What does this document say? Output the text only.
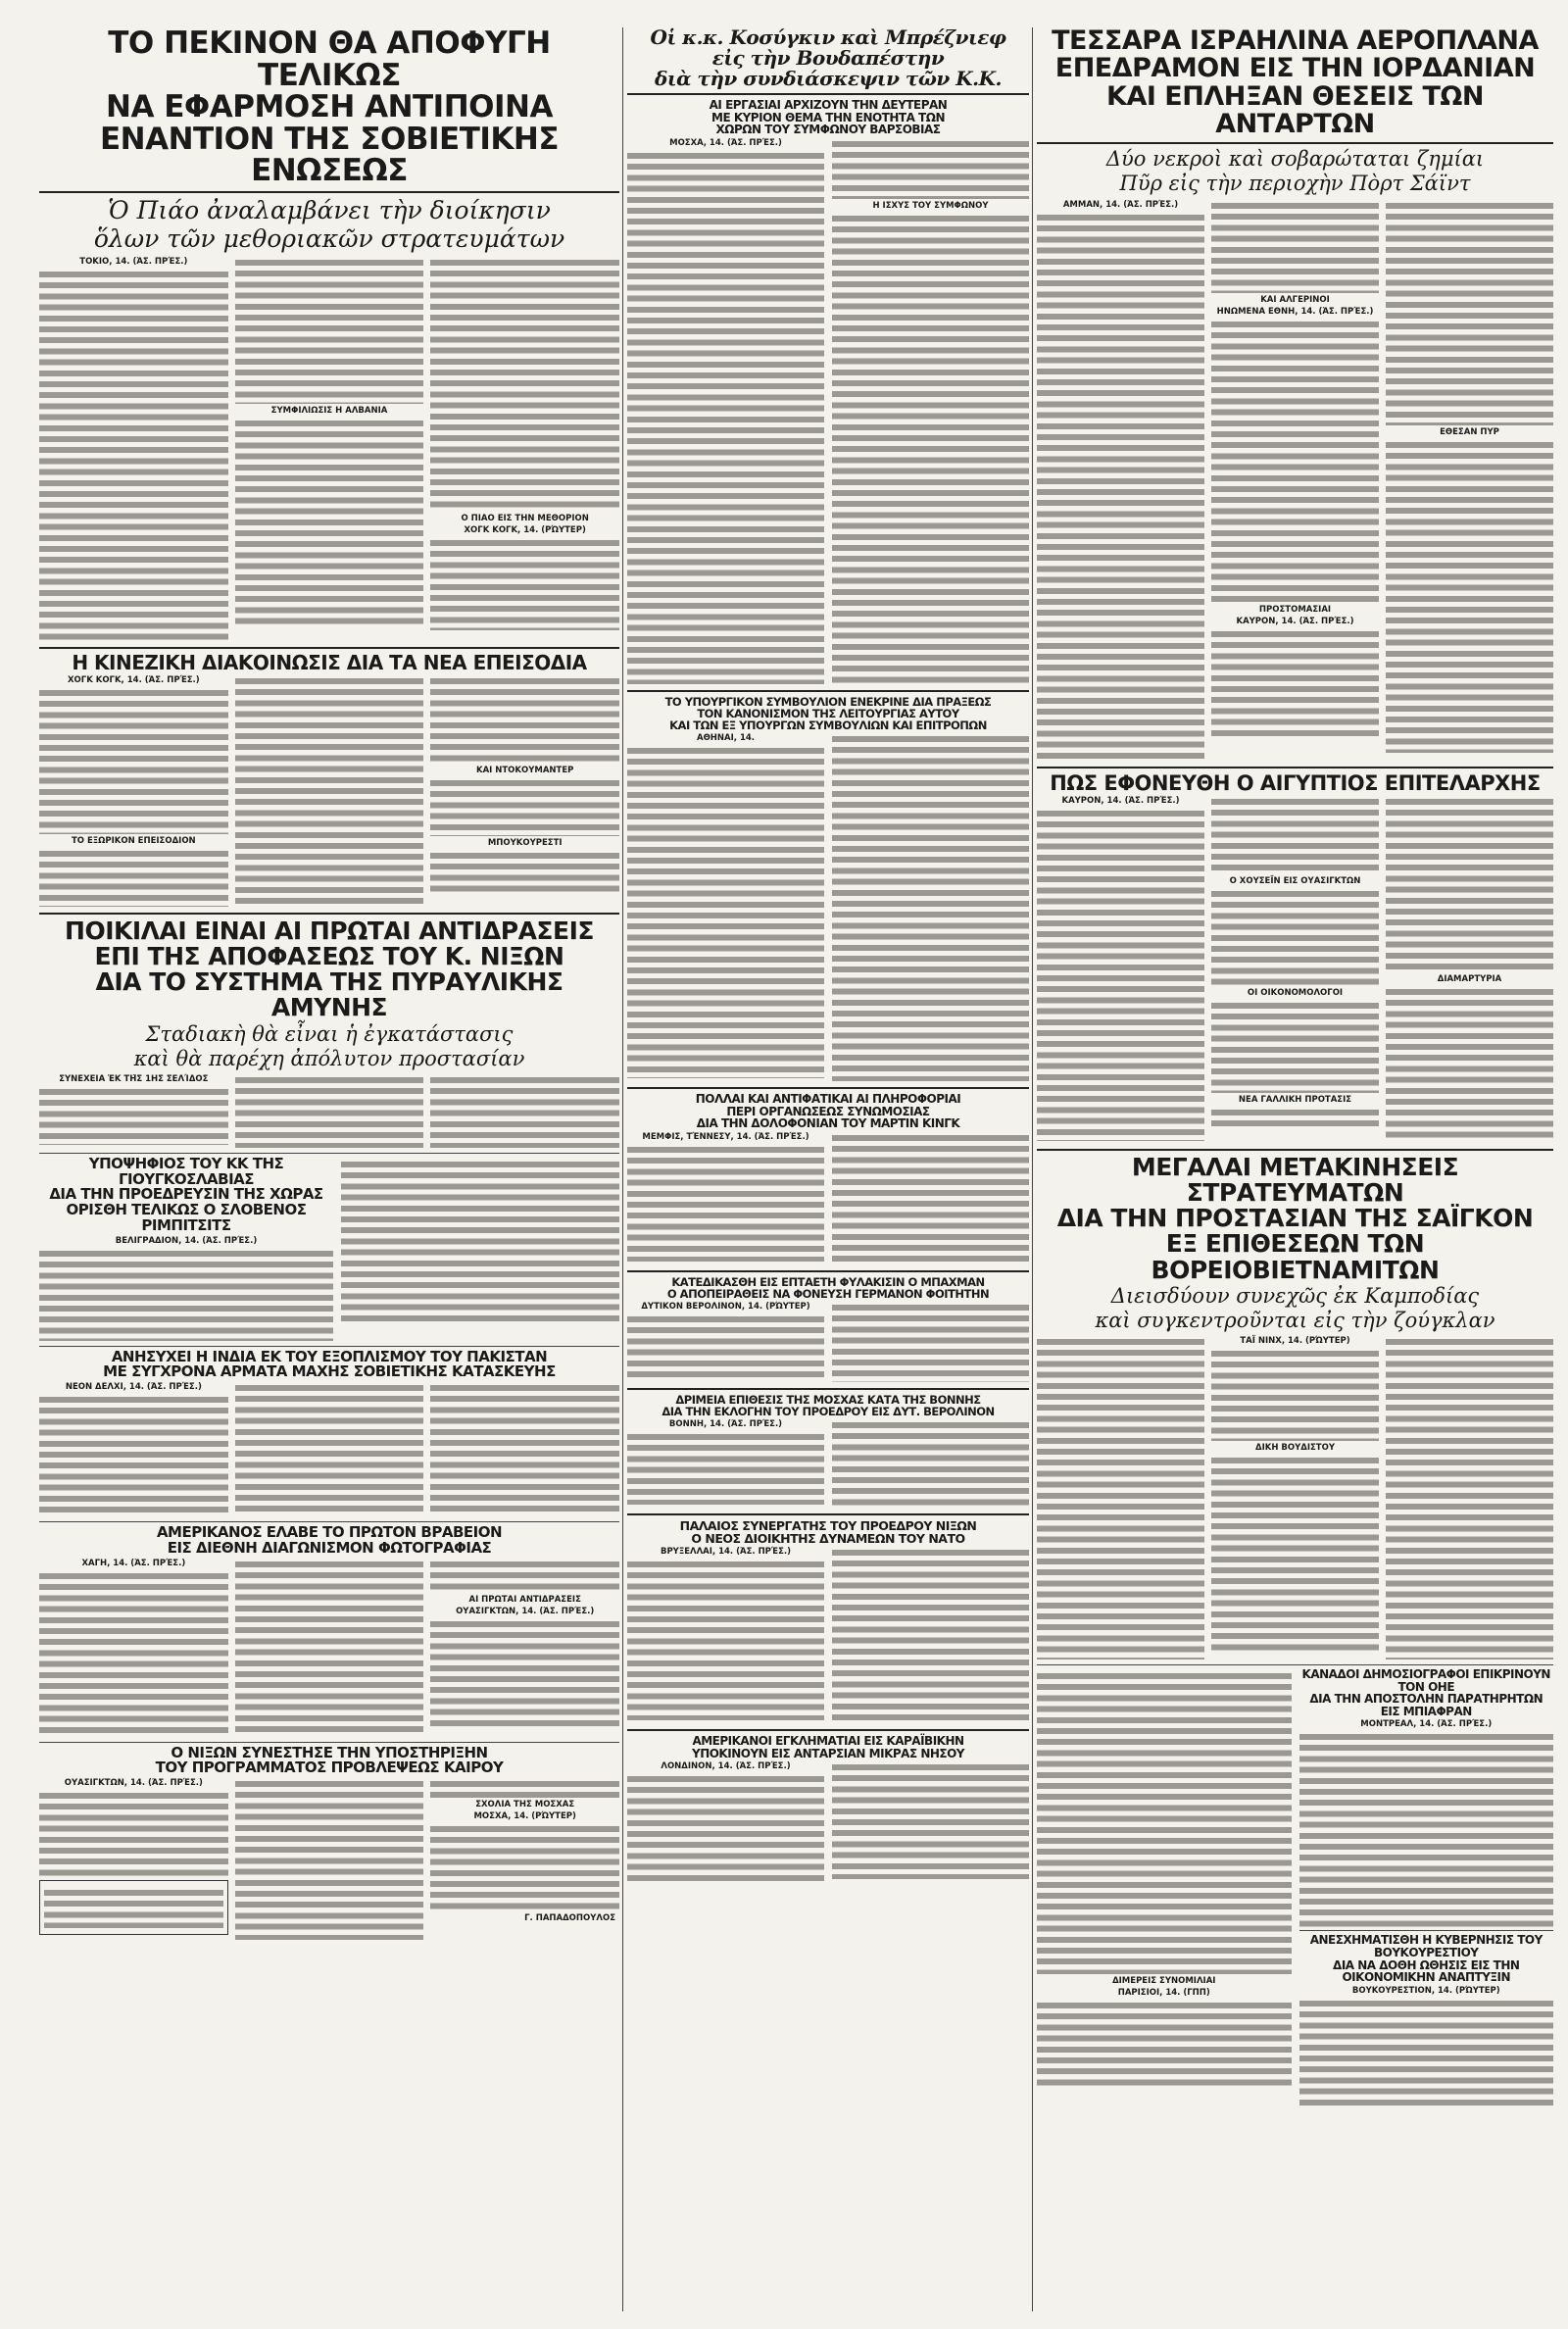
ΤΟ ΠΕΚΙΝΟΝ ΘΑ ΑΠΟΦΥΓΗ ΤΕΛΙΚΩΣ

ΝΑ ΕΦΑΡΜΟΣΗ ΑΝΤΙΠΟΙΝΑ

ΕΝΑΝΤΙΟΝ ΤΗΣ ΣΟΒΙΕΤΙΚΗΣ ΕΝΩΣΕΩΣ

Ὁ Πιάο ἀναλαμβάνει τὴν διοίκησιν

ὅλων τῶν μεθοριακῶν στρατευμάτων

ΤΟΚΙΟ, 14. (ἈΣ. ΠΡΈΣ.)

ΣΥΜΦΙΛΙΩΣΙΣ Η ΑΛΒΑΝΙΑ

Ο ΠΙΑΟ ΕΙΣ ΤΗΝ ΜΕΘΟΡΙΟΝ

ΧΟΓΚ ΚΟΓΚ, 14. (ΡΏΥΤΕΡ)

Η ΚΙΝΕΖΙΚΗ ΔΙΑΚΟΙΝΩΣΙΣ ΔΙΑ ΤΑ ΝΕΑ ΕΠΕΙΣΟΔΙΑ

ΧΟΓΚ ΚΟΓΚ, 14. (ἈΣ. ΠΡΈΣ.)

ΤΟ ΕΞΩΡΙΚΟΝ ΕΠΕΙΣΟΔΙΟΝ

ΚΑΙ ΝΤΟΚΟΥΜΑΝΤΕΡ

ΜΠΟΥΚΟΥΡΕΣΤΙ

ΠΟΙΚΙΛΑΙ ΕΙΝΑΙ ΑΙ ΠΡΩΤΑΙ ΑΝΤΙΔΡΑΣΕΙΣ

ΕΠΙ ΤΗΣ ΑΠΟΦΑΣΕΩΣ ΤΟΥ Κ. ΝΙΞΩΝ

ΔΙΑ ΤΟ ΣΥΣΤΗΜΑ ΤΗΣ ΠΥΡΑΥΛΙΚΗΣ ΑΜΥΝΗΣ

Σταδιακὴ θὰ εἶναι ἡ ἐγκατάστασις

καὶ θὰ παρέχη ἀπόλυτον προστασίαν

ΣΥΝΕΧΕΙΑ ἘΚ ΤΗ͂Σ 1ΗΣ ΣΕΛΊΔΟΣ

ΥΠΟΨΗΦΙΟΣ ΤΟΥ ΚΚ ΤΗΣ ΓΙΟΥΓΚΟΣΛΑΒΙΑΣ

ΔΙΑ ΤΗΝ ΠΡΟΕΔΡΕΥΣΙΝ ΤΗΣ ΧΩΡΑΣ

ΟΡΙΣΘΗ ΤΕΛΙΚΩΣ Ο ΣΛΟΒΕΝΟΣ ΡΙΜΠΙΤΣΙΤΣ

ΒΕΛΙΓΡΑΔΙΟΝ, 14. (ἈΣ. ΠΡΈΣ.)

ΑΝΗΣΥΧΕΙ Η ΙΝΔΙΑ ΕΚ ΤΟΥ ΕΞΟΠΛΙΣΜΟΥ ΤΟΥ ΠΑΚΙΣΤΑΝ

ΜΕ ΣΥΓΧΡΟΝΑ ΑΡΜΑΤΑ ΜΑΧΗΣ ΣΟΒΙΕΤΙΚΗΣ ΚΑΤΑΣΚΕΥΗΣ

ΝΕΟΝ ΔΕΛΧΙ, 14. (ἈΣ. ΠΡΈΣ.)

ΑΜΕΡΙΚΑΝΟΣ ΕΛΑΒΕ ΤΟ ΠΡΩΤΟΝ ΒΡΑΒΕΙΟΝ

ΕΙΣ ΔΙΕΘΝΗ ΔΙΑΓΩΝΙΣΜΟΝ ΦΩΤΟΓΡΑΦΙΑΣ

ΧΑΓΗ, 14. (ἈΣ. ΠΡΈΣ.)

ΑΙ ΠΡΩΤΑΙ ΑΝΤΙΔΡΑΣΕΙΣ

ΟΥΑΣΙΓΚΤΩΝ, 14. (ἈΣ. ΠΡΈΣ.)

Ο ΝΙΞΩΝ ΣΥΝΕΣΤΗΣΕ ΤΗΝ ΥΠΟΣΤΗΡΙΞΗΝ

ΤΟΥ ΠΡΟΓΡΑΜΜΑΤΟΣ ΠΡΟΒΛΕΨΕΩΣ ΚΑΙΡΟΥ

ΟΥΑΣΙΓΚΤΩΝ, 14. (ἈΣ. ΠΡΈΣ.)

ΣΧΟΛΙΑ ΤΗΣ ΜΟΣΧΑΣ

ΜΟΣΧΑ, 14. (ΡΏΥΤΕΡ)

Γ. ΠΑΠΑΔΟΠΟΥΛΟΣ

Οἱ κ.κ. Κοσύγκιν καὶ Μπρέζνιεφ

εἰς τὴν Βουδαπέστην

διὰ τὴν συνδιάσκεψιν τῶν Κ.Κ.

ΑΙ ΕΡΓΑΣΙΑΙ ΑΡΧΙΖΟΥΝ ΤΗΝ ΔΕΥΤΕΡΑΝ

ΜΕ ΚΥΡΙΟΝ ΘΕΜΑ ΤΗΝ ΕΝΟΤΗΤΑ ΤΩΝ

ΧΩΡΩΝ ΤΟΥ ΣΥΜΦΩΝΟΥ ΒΑΡΣΟΒΙΑΣ

ΜΟΣΧΑ, 14. (ἈΣ. ΠΡΈΣ.)

Η ΙΣΧΥΣ ΤΟΥ ΣΥΜΦΩΝΟΥ

ΤΟ ΥΠΟΥΡΓΙΚΟΝ ΣΥΜΒΟΥΛΙΟΝ ΕΝΕΚΡΙΝΕ ΔΙΑ ΠΡΑΞΕΩΣ

ΤΟΝ ΚΑΝΟΝΙΣΜΟΝ ΤΗΣ ΛΕΙΤΟΥΡΓΙΑΣ ΑΥΤΟΥ

ΚΑΙ ΤΩΝ ΕΞ ΥΠΟΥΡΓΩΝ ΣΥΜΒΟΥΛΙΩΝ ΚΑΙ ΕΠΙΤΡΟΠΩΝ

ΑΘΗΝΑΙ, 14.

ΠΟΛΛΑΙ ΚΑΙ ΑΝΤΙΦΑΤΙΚΑΙ ΑΙ ΠΛΗΡΟΦΟΡΙΑΙ

ΠΕΡΙ ΟΡΓΑΝΩΣΕΩΣ ΣΥΝΩΜΟΣΙΑΣ

ΔΙΑ ΤΗΝ ΔΟΛΟΦΟΝΙΑΝ ΤΟΥ ΜΑΡΤΙΝ ΚΙΝΓΚ

ΜΕΜΦΙΣ, ΤΈΝΝΕΣΥ, 14. (ἈΣ. ΠΡΈΣ.)

ΚΑΤΕΔΙΚΑΣΘΗ ΕΙΣ ΕΠΤΑΕΤΗ ΦΥΛΑΚΙΣΙΝ Ο ΜΠΑΧΜΑΝ

Ο ΑΠΟΠΕΙΡΑΘΕΙΣ ΝΑ ΦΟΝΕΥΣΗ ΓΕΡΜΑΝΟΝ ΦΟΙΤΗΤΗΝ

ΔΥΤΙΚΟΝ ΒΕΡΟΛΙΝΟΝ, 14. (ΡΏΥΤΕΡ)

ΔΡΙΜΕΙΑ ΕΠΙΘΕΣΙΣ ΤΗΣ ΜΟΣΧΑΣ ΚΑΤΑ ΤΗΣ ΒΟΝΝΗΣ

ΔΙΑ ΤΗΝ ΕΚΛΟΓΗΝ ΤΟΥ ΠΡΟΕΔΡΟΥ ΕΙΣ ΔΥΤ. ΒΕΡΟΛΙΝΟΝ

ΒΟΝΝΗ, 14. (ἈΣ. ΠΡΈΣ.)

ΠΑΛΑΙΟΣ ΣΥΝΕΡΓΑΤΗΣ ΤΟΥ ΠΡΟΕΔΡΟΥ ΝΙΞΩΝ

Ο ΝΕΟΣ ΔΙΟΙΚΗΤΗΣ ΔΥΝΑΜΕΩΝ ΤΟΥ ΝΑΤΟ

ΒΡΥΞΕΛΛΑΙ, 14. (ἈΣ. ΠΡΈΣ.)

ΑΜΕΡΙΚΑΝΟΙ ΕΓΚΛΗΜΑΤΙΑΙ ΕΙΣ ΚΑΡΑΪΒΙΚΗΝ

ΥΠΟΚΙΝΟΥΝ ΕΙΣ ΑΝΤΑΡΣΙΑΝ ΜΙΚΡΑΣ ΝΗΣΟΥ

ΛΟΝΔΙΝΟΝ, 14. (ἈΣ. ΠΡΈΣ.)

ΤΕΣΣΑΡΑ ΙΣΡΑΗΛΙΝΑ ΑΕΡΟΠΛΑΝΑ

ΕΠΕΔΡΑΜΟΝ ΕΙΣ ΤΗΝ ΙΟΡΔΑΝΙΑΝ

ΚΑΙ ΕΠΛΗΞΑΝ ΘΕΣΕΙΣ ΤΩΝ ΑΝΤΑΡΤΩΝ

Δύο νεκροὶ καὶ σοβαρώταται ζημίαι

Πῦρ εἰς τὴν περιοχὴν Πὸρτ Σάϊντ

ΑΜΜΑΝ, 14. (ἈΣ. ΠΡΈΣ.)

ΚΑΙ ΑΛΓΕΡΙΝΟΙ

ΗΝΩΜΕΝΑ ΕΘΝΗ, 14. (ἈΣ. ΠΡΈΣ.)

ΠΡΟΣΤΟΜΑΣΙΑΙ

ΚΑΥΡΟΝ, 14. (ἈΣ. ΠΡΈΣ.)

ΕΘΕΣΑΝ ΠΥΡ

ΠΩΣ ΕΦΟΝΕΥΘΗ Ο ΑΙΓΥΠΤΙΟΣ ΕΠΙΤΕΛΑΡΧΗΣ

ΚΑΥΡΟΝ, 14. (ἈΣ. ΠΡΈΣ.)

Ο ΧΟΥΣΕΪΝ ΕΙΣ ΟΥΑΣΙΓΚΤΩΝ

ΟΙ ΟΙΚΟΝΟΜΟΛΟΓΟΙ

ΝΕΑ ΓΑΛΛΙΚΗ ΠΡΟΤΑΣΙΣ

ΔΙΑΜΑΡΤΥΡΙΑ

ΜΕΓΑΛΑΙ ΜΕΤΑΚΙΝΗΣΕΙΣ ΣΤΡΑΤΕΥΜΑΤΩΝ

ΔΙΑ ΤΗΝ ΠΡΟΣΤΑΣΙΑΝ ΤΗΣ ΣΑΪΓΚΟΝ

ΕΞ ΕΠΙΘΕΣΕΩΝ ΤΩΝ ΒΟΡΕΙΟΒΙΕΤΝΑΜΙΤΩΝ

Διεισδύουν συνεχῶς ἐκ Καμποδίας

καὶ συγκεντροῦνται εἰς τὴν ζούγκλαν

ΤΑΪ ΝΙΝΧ, 14. (ΡΏΥΤΕΡ)

ΔΙΚΗ ΒΟΥΔΙΣΤΟΥ

ΔΙΜΕΡΕΙΣ ΣΥΝΟΜΙΛΙΑΙ

ΠΑΡΙΣΙΟΙ, 14. (ΓΠΠ)

ΚΑΝΑΔΟΙ ΔΗΜΟΣΙΟΓΡΑΦΟΙ ΕΠΙΚΡΙΝΟΥΝ ΤΟΝ ΟΗΕ

ΔΙΑ ΤΗΝ ΑΠΟΣΤΟΛΗΝ ΠΑΡΑΤΗΡΗΤΩΝ ΕΙΣ ΜΠΙΑΦΡΑΝ

ΜΟΝΤΡΕΑΛ, 14. (ἈΣ. ΠΡΈΣ.)

ΑΝΕΣΧΗΜΑΤΙΣΘΗ Η ΚΥΒΕΡΝΗΣΙΣ ΤΟΥ ΒΟΥΚΟΥΡΕΣΤΙΟΥ

ΔΙΑ ΝΑ ΔΟΘΗ ΩΘΗΣΙΣ ΕΙΣ ΤΗΝ ΟΙΚΟΝΟΜΙΚΗΝ ΑΝΑΠΤΥΞΙΝ

ΒΟΥΚΟΥΡΕΣΤΙΟΝ, 14. (ΡΏΥΤΕΡ)
